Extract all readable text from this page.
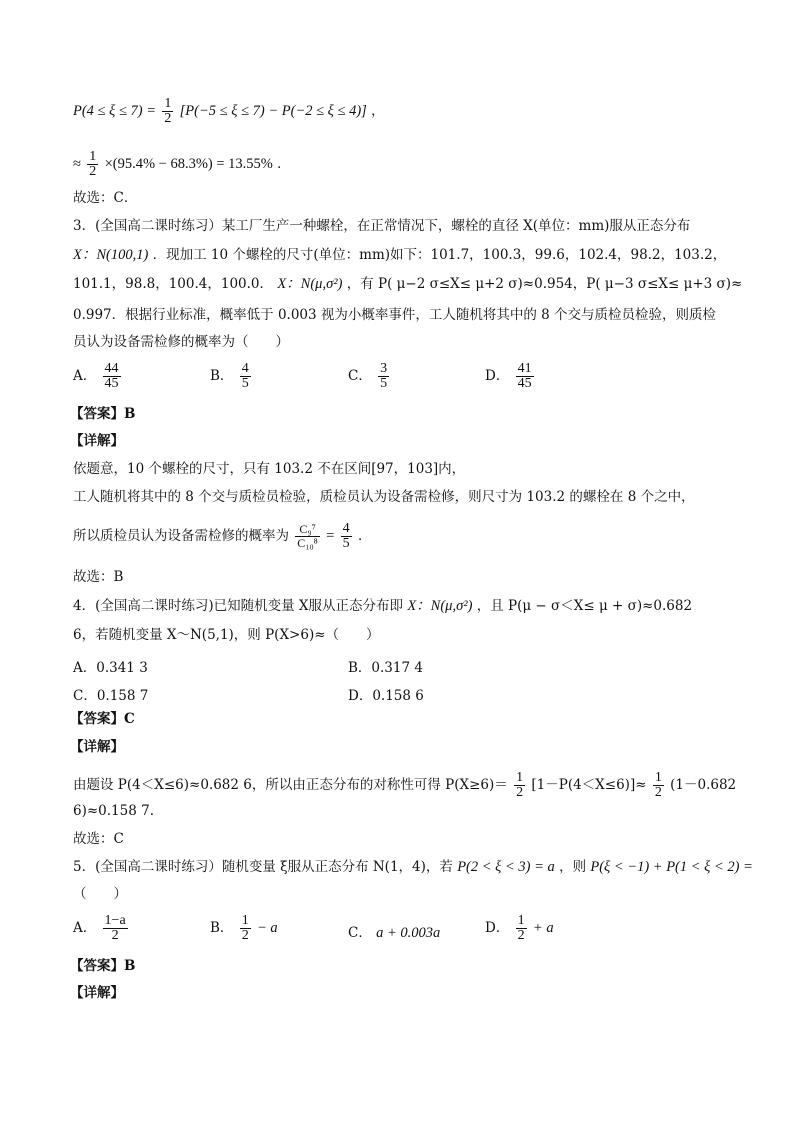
$P(4 \le \xi \le 7) = \frac{1}{2} [P(-5 \le \xi \le 7) - P(-2 \le \xi \le 4)]$ ，
≈ $\frac{1}{2} \times(95.4\% - 68.3\%) = 13.55\%$ ．
故选：C．
3．(全国高二课时练习）某工厂生产一种螺栓，在正常情况下，螺栓的直径 X(单位：mm)服从正态分布
X：N(100,1) ．现加工 10 个螺栓的尺寸(单位：mm)如下：101.7，100.3，99.6，102.4，98.2，103.2，
101.1，98.8，100.4，100.0． X：N(μ,σ²) ，有 P( μ−2 σ≤X≤ μ+2 σ)≈0.954，P( μ−3 σ≤X≤ μ+3 σ)≈
0.997．根据行业标准，概率低于 0.003 视为小概率事件，工人随机将其中的 8 个交与质检员检验，则质检
员认为设备需检修的概率为（　　）
A． $\frac{44}{45}$	B． $\frac{4}{5}$	C． $\frac{3}{5}$	D． $\frac{41}{45}$
【答案】B
【详解】
依题意，10 个螺栓的尺寸，只有 103.2 不在区间[97，103]内，
工人随机将其中的 8 个交与质检员检验，质检员认为设备需检修，则尺寸为 103.2 的螺栓在 8 个之中，
所以质检员认为设备需检修的概率为 $\frac{\text{C₉⁷}}{\text{C₁₀⁸}} = \frac{4}{5}$ ．
故选：B
4．(全国高二课时练习)已知随机变量 X服从正态分布即 X：N(μ,σ²) ，且 P(μ − σ＜X≤ μ + σ)≈0.682
6，若随机变量 X～N(5,1)，则 P(X>6)≈（　　）
A．0.341 3	B．0.317 4
C．0.158 7	D．0.158 6
【答案】C
【详解】
由题设 P(4＜X≤6)≈0.682 6，所以由正态分布的对称性可得 $P(X\ge 6)= \frac{1}{2} [1-P(4<X\le 6)]\approx \frac{1}{2} (1-0.682$
6)≈0.158 7.
故选：C
5．(全国高二课时练习）随机变量 ξ服从正态分布 N(1，4)，若 P(2 < ξ < 3) = a ，则 P(ξ < −1) + P(1 < ξ < 2) =
（　　）
A． $\frac{1-a}{2}$	B． $\frac{1}{2} - a$	C． a + 0.003a	D． $\frac{1}{2} + a$
【答案】B
【详解】
